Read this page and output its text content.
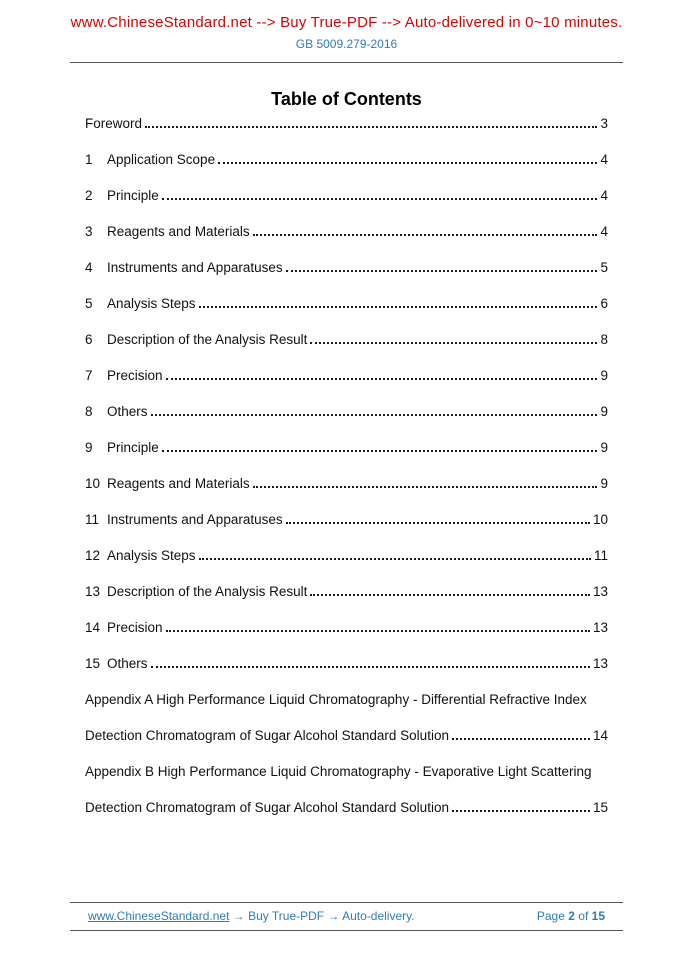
www.ChineseStandard.net --> Buy True-PDF --> Auto-delivered in 0~10 minutes.
GB 5009.279-2016
Table of Contents
Foreword	3
1	Application Scope	4
2	Principle	4
3	Reagents and Materials	4
4	Instruments and Apparatuses	5
5	Analysis Steps	6
6	Description of the Analysis Result	8
7	Precision	9
8	Others	9
9	Principle	9
10 Reagents and Materials	9
11 Instruments and Apparatuses	10
12 Analysis Steps	11
13 Description of the Analysis Result	13
14 Precision	13
15 Others	13
Appendix A High Performance Liquid Chromatography - Differential Refractive Index
Detection Chromatogram of Sugar Alcohol Standard Solution	14
Appendix B High Performance Liquid Chromatography - Evaporative Light Scattering
Detection Chromatogram of Sugar Alcohol Standard Solution	15
www.ChineseStandard.net → Buy True-PDF → Auto-delivery.	Page 2 of 15
